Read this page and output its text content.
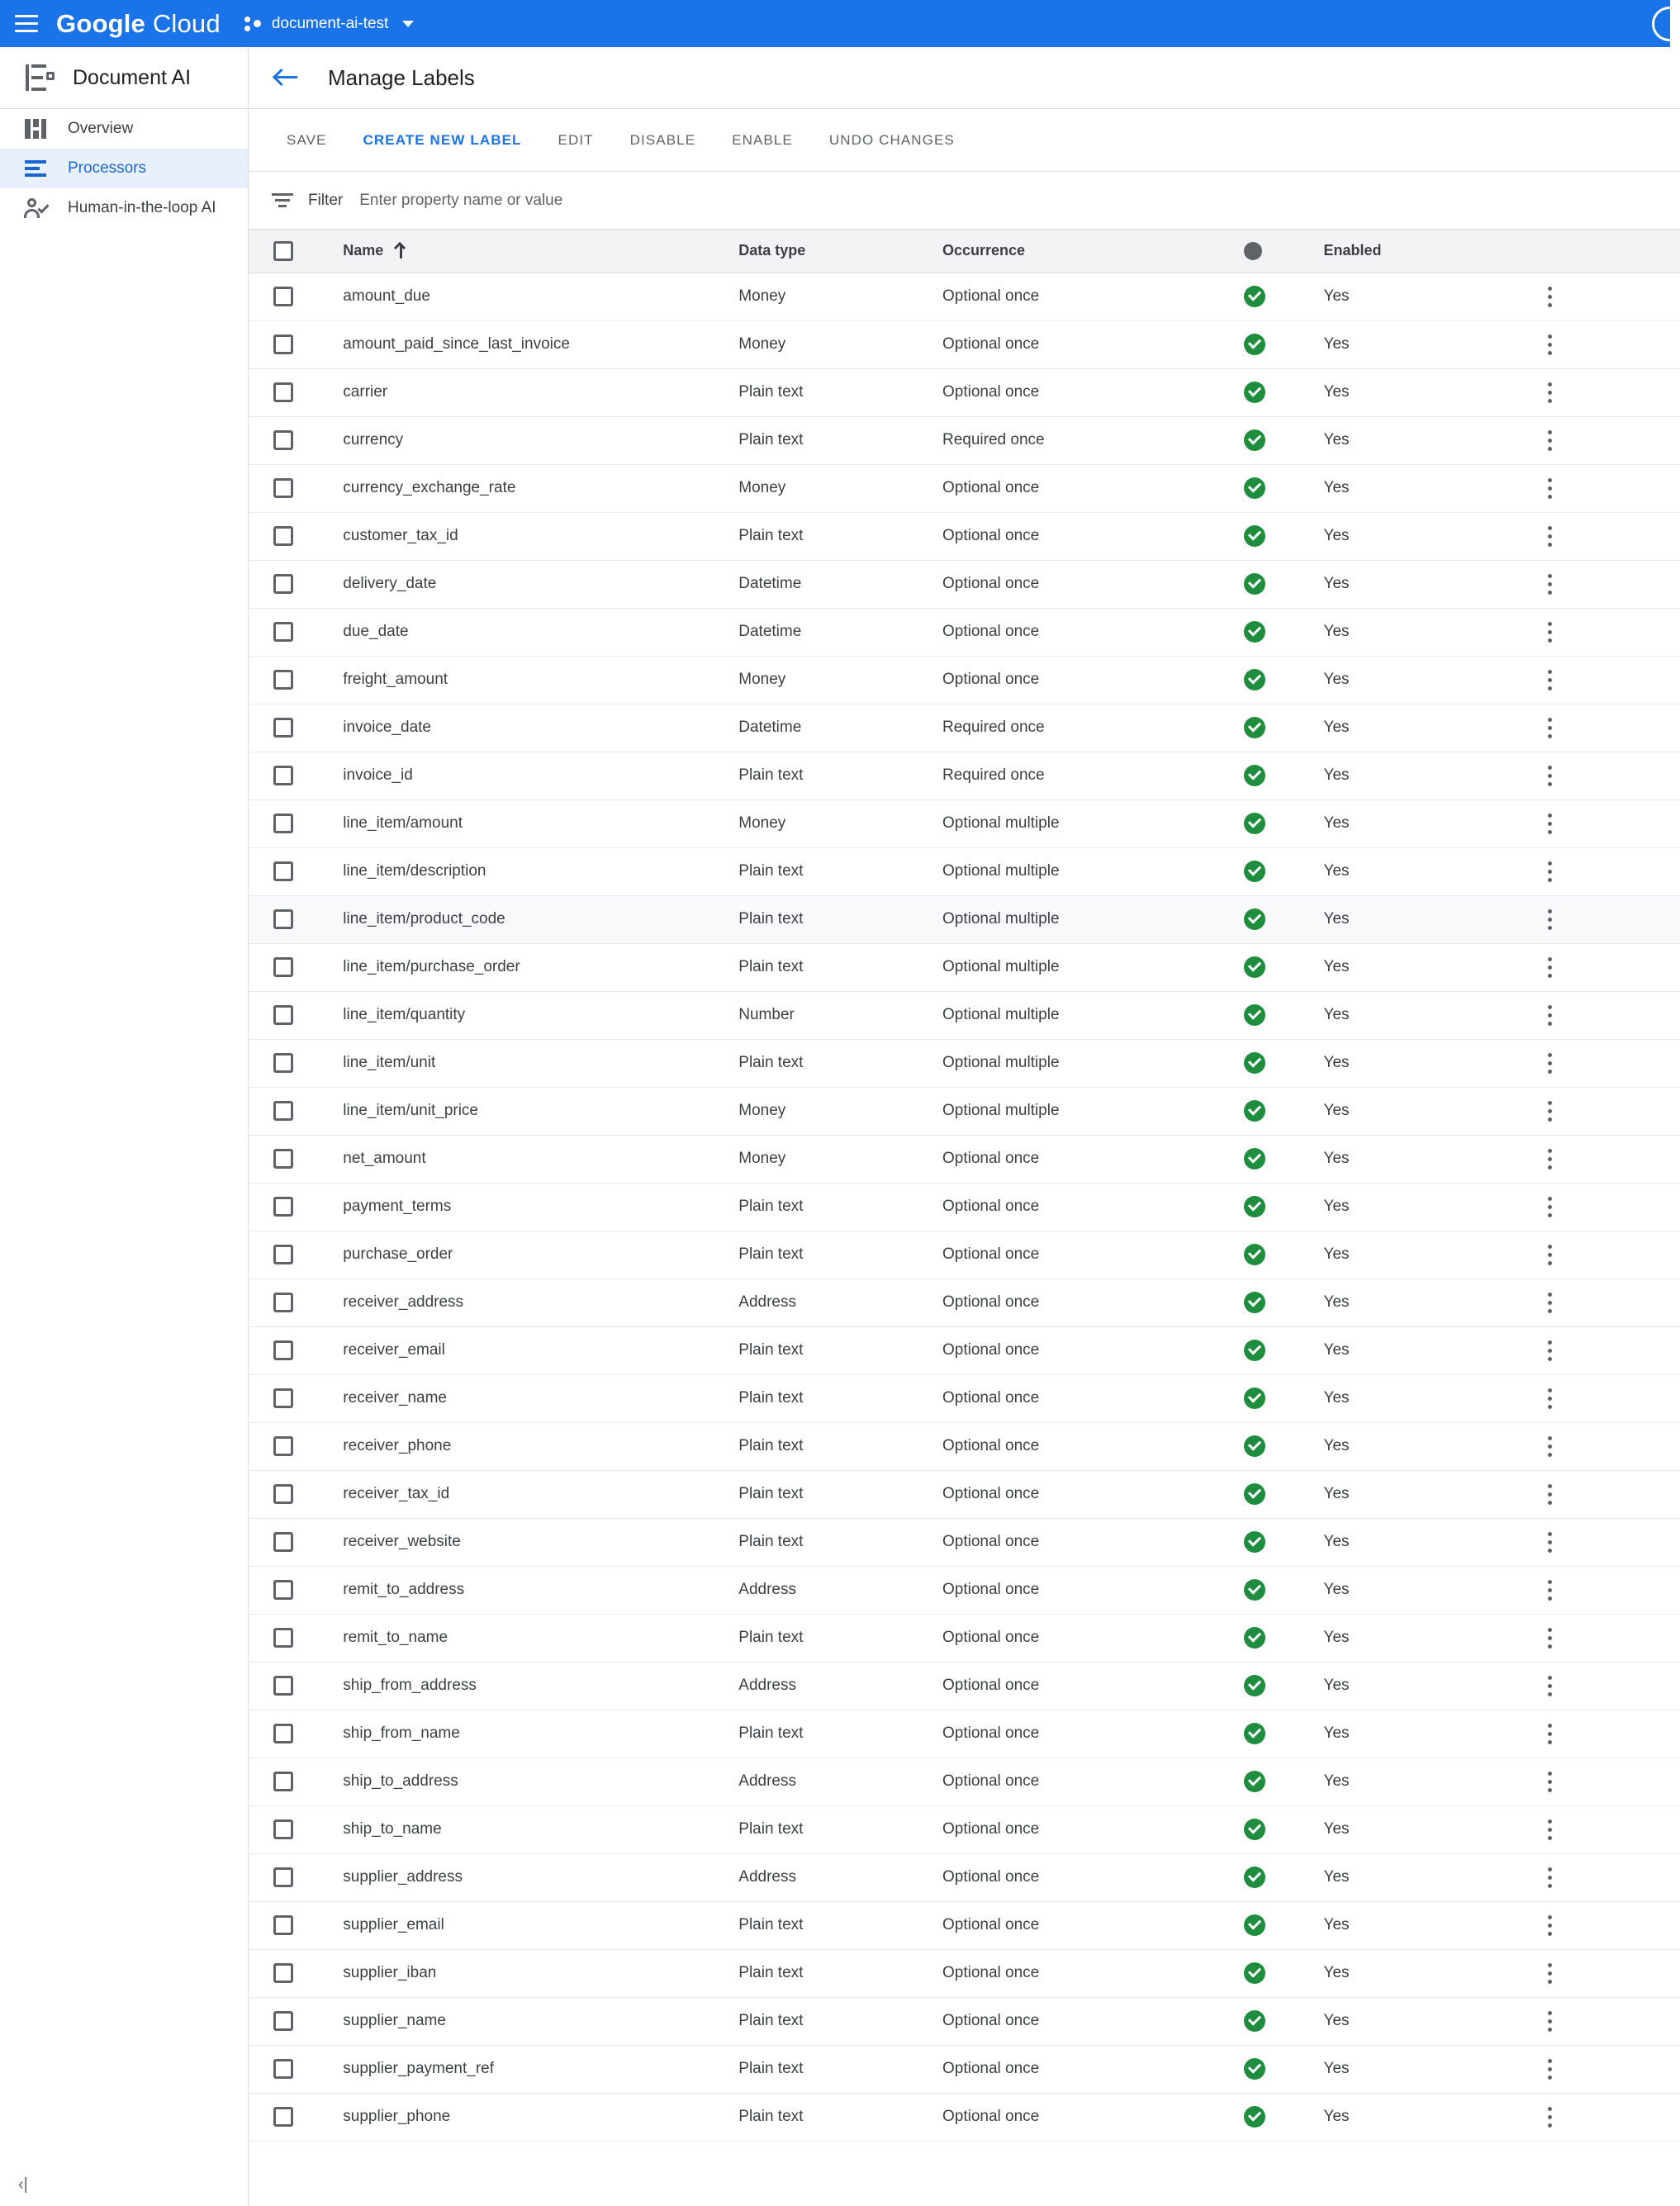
Google Cloud	document-ai-test
Document AI
Overview
Processors
Human-in-the-loop AI
‹|
Manage Labels
SAVE	CREATE NEW LABEL	EDIT	DISABLE	ENABLE	UNDO CHANGES
Filter
Enter property name or value

	Name	Data type	Occurrence		Enabled	

	amount_due	Money	Optional once		Yes	

	amount_paid_since_last_invoice	Money	Optional once		Yes	

	carrier	Plain text	Optional once		Yes	

	currency	Plain text	Required once		Yes	

	currency_exchange_rate	Money	Optional once		Yes	

	customer_tax_id	Plain text	Optional once		Yes	

	delivery_date	Datetime	Optional once		Yes	

	due_date	Datetime	Optional once		Yes	

	freight_amount	Money	Optional once		Yes	

	invoice_date	Datetime	Required once		Yes	

	invoice_id	Plain text	Required once		Yes	

	line_item/amount	Money	Optional multiple		Yes	

	line_item/description	Plain text	Optional multiple		Yes	

	line_item/product_code	Plain text	Optional multiple		Yes	

	line_item/purchase_order	Plain text	Optional multiple		Yes	

	line_item/quantity	Number	Optional multiple		Yes	

	line_item/unit	Plain text	Optional multiple		Yes	

	line_item/unit_price	Money	Optional multiple		Yes	

	net_amount	Money	Optional once		Yes	

	payment_terms	Plain text	Optional once		Yes	

	purchase_order	Plain text	Optional once		Yes	

	receiver_address	Address	Optional once		Yes	

	receiver_email	Plain text	Optional once		Yes	

	receiver_name	Plain text	Optional once		Yes	

	receiver_phone	Plain text	Optional once		Yes	

	receiver_tax_id	Plain text	Optional once		Yes	

	receiver_website	Plain text	Optional once		Yes	

	remit_to_address	Address	Optional once		Yes	

	remit_to_name	Plain text	Optional once		Yes	

	ship_from_address	Address	Optional once		Yes	

	ship_from_name	Plain text	Optional once		Yes	

	ship_to_address	Address	Optional once		Yes	

	ship_to_name	Plain text	Optional once		Yes	

	supplier_address	Address	Optional once		Yes	

	supplier_email	Plain text	Optional once		Yes	

	supplier_iban	Plain text	Optional once		Yes	

	supplier_name	Plain text	Optional once		Yes	

	supplier_payment_ref	Plain text	Optional once		Yes	

	supplier_phone	Plain text	Optional once		Yes	
